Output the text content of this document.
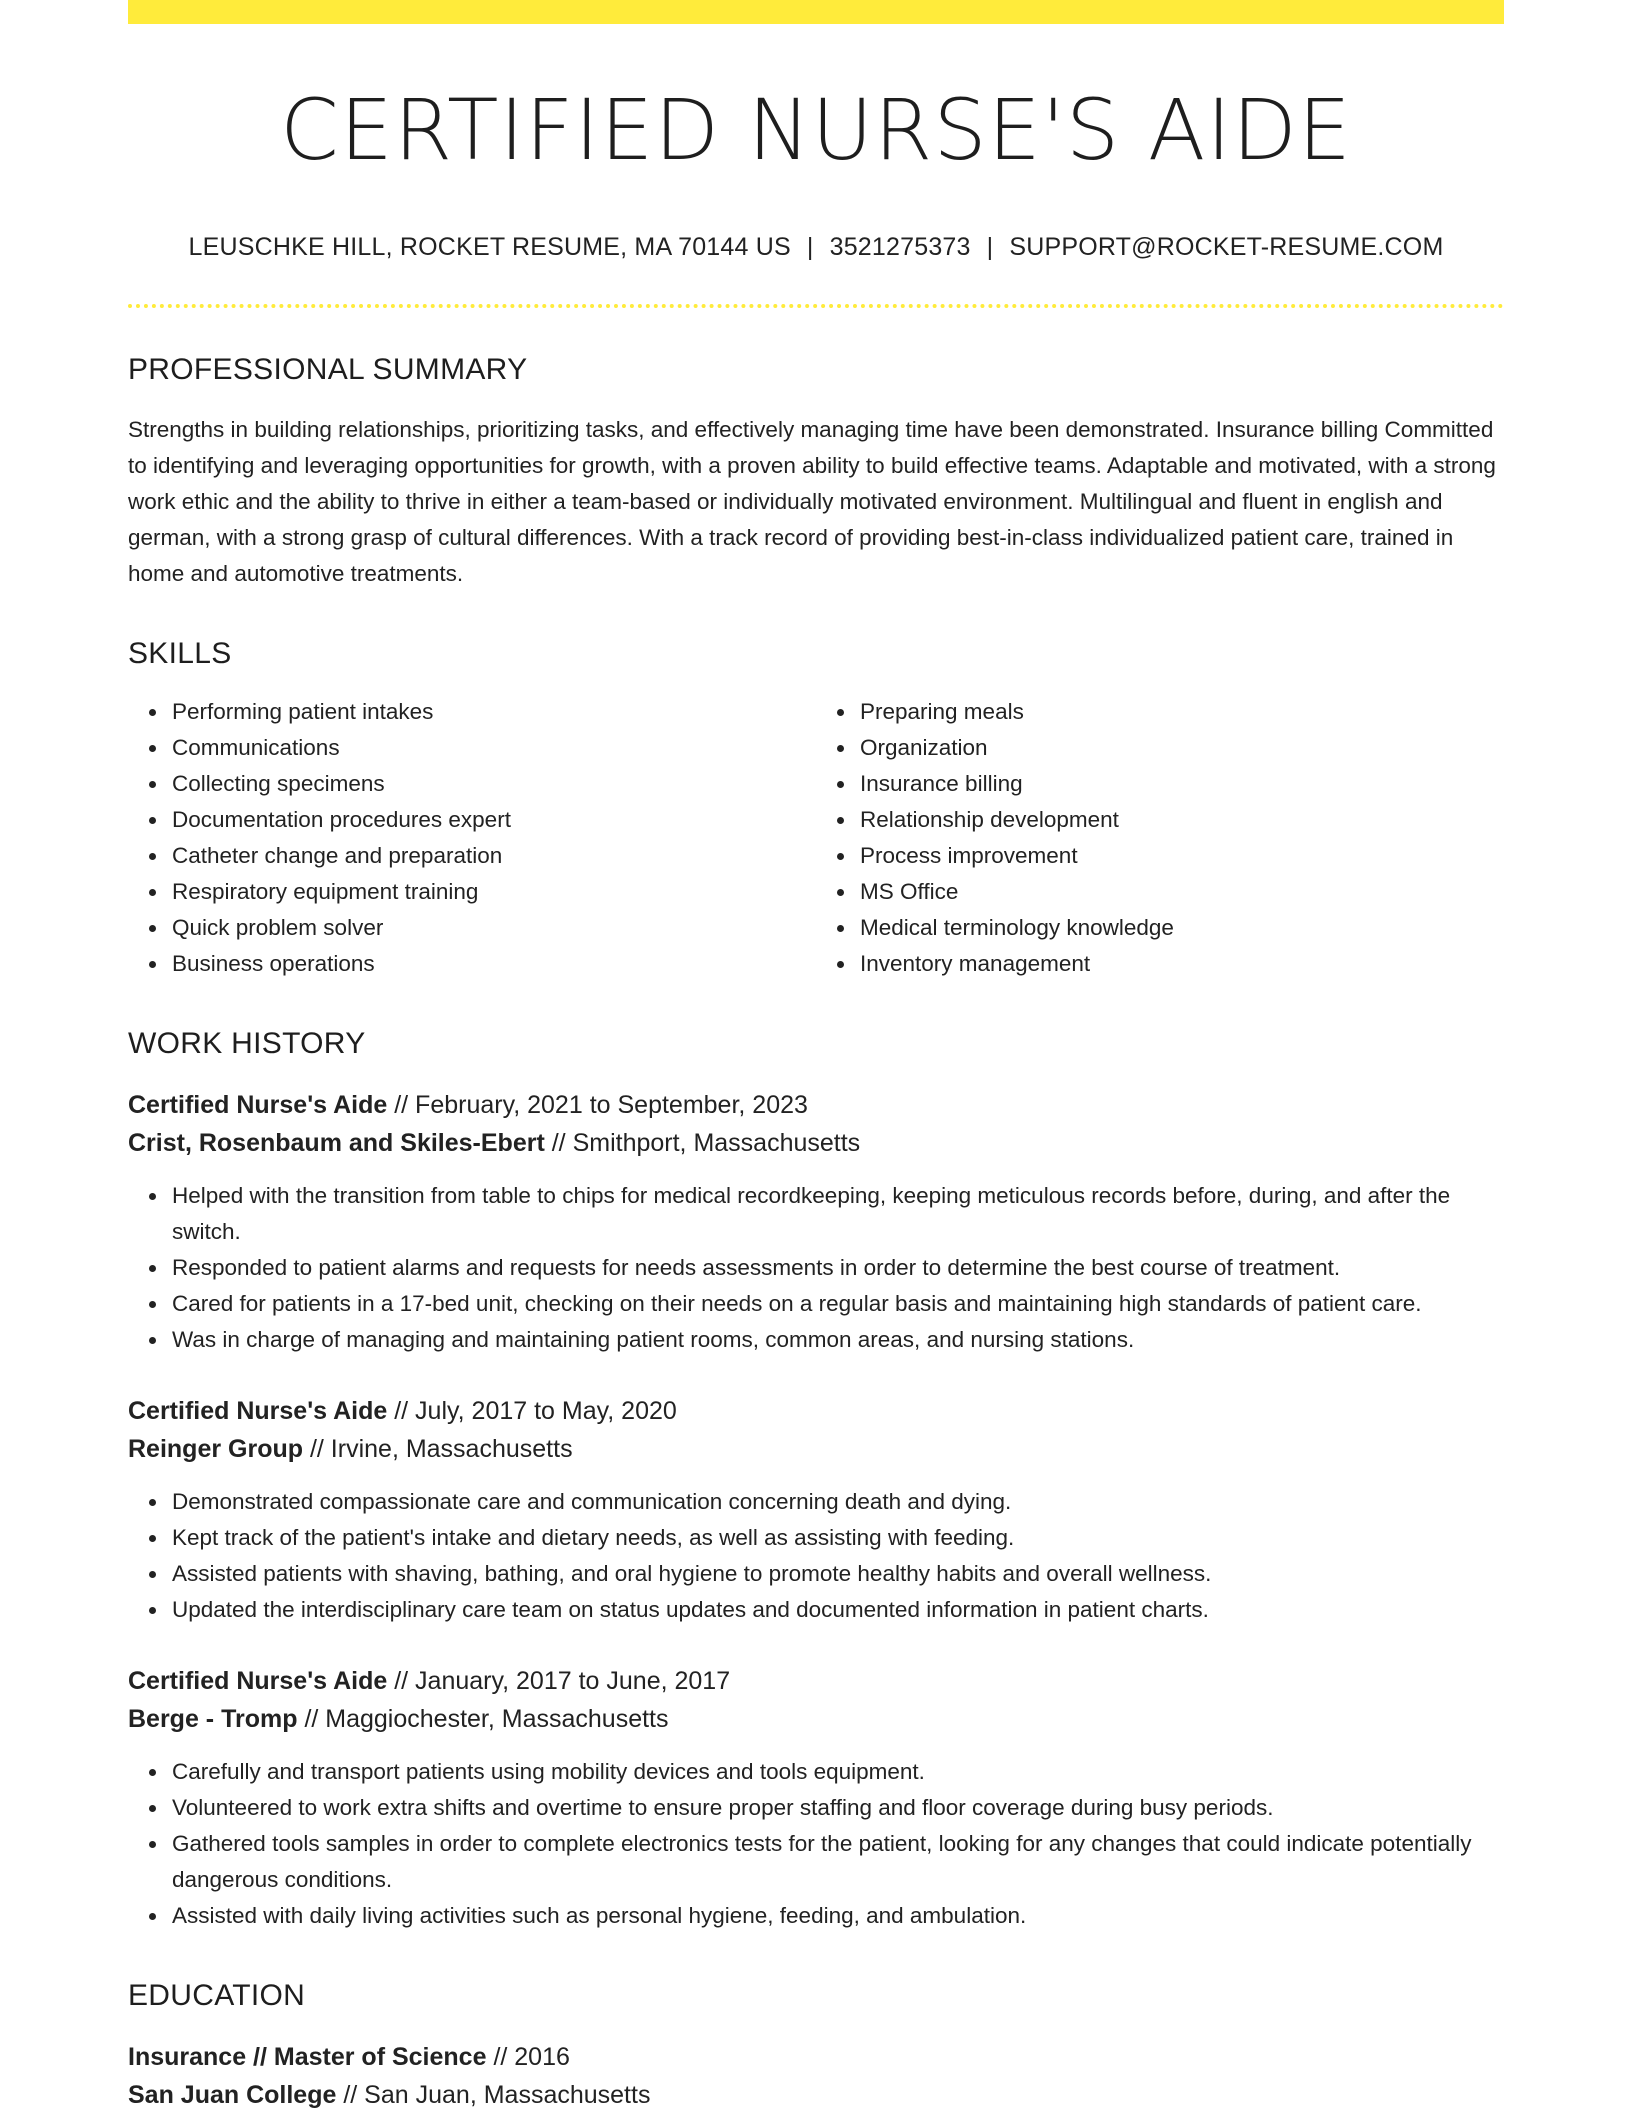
CERTIFIED NURSE'S AIDE
LEUSCHKE HILL, ROCKET RESUME, MA 70144 US | 3521275373 | SUPPORT@ROCKET-RESUME.COM
PROFESSIONAL SUMMARY

Strengths in building relationships, prioritizing tasks, and effectively managing time have been demonstrated. Insurance billing Committed to identifying and leveraging opportunities for growth, with a proven ability to build effective teams. Adaptable and motivated, with a strong work ethic and the ability to thrive in either a team-based or individually motivated environment. Multilingual and fluent in english and german, with a strong grasp of cultural differences. With a track record of providing best-in-class individualized patient care, trained in home and automotive treatments.

SKILLS
Performing patient intakes
Communications
Collecting specimens
Documentation procedures expert
Catheter change and preparation
Respiratory equipment training
Quick problem solver
Business operations
Preparing meals
Organization
Insurance billing
Relationship development
Process improvement
MS Office
Medical terminology knowledge
Inventory management
WORK HISTORY
Certified Nurse's Aide // February, 2021 to September, 2023
Crist, Rosenbaum and Skiles-Ebert // Smithport, Massachusetts
Helped with the transition from table to chips for medical recordkeeping, keeping meticulous records before, during, and after the switch.
Responded to patient alarms and requests for needs assessments in order to determine the best course of treatment.
Cared for patients in a 17-bed unit, checking on their needs on a regular basis and maintaining high standards of patient care.
Was in charge of managing and maintaining patient rooms, common areas, and nursing stations.
Certified Nurse's Aide // July, 2017 to May, 2020
Reinger Group // Irvine, Massachusetts
Demonstrated compassionate care and communication concerning death and dying.
Kept track of the patient's intake and dietary needs, as well as assisting with feeding.
Assisted patients with shaving, bathing, and oral hygiene to promote healthy habits and overall wellness.
Updated the interdisciplinary care team on status updates and documented information in patient charts.
Certified Nurse's Aide // January, 2017 to June, 2017
Berge - Tromp // Maggiochester, Massachusetts
Carefully and transport patients using mobility devices and tools equipment.
Volunteered to work extra shifts and overtime to ensure proper staffing and floor coverage during busy periods.
Gathered tools samples in order to complete electronics tests for the patient, looking for any changes that could indicate potentially dangerous conditions.
Assisted with daily living activities such as personal hygiene, feeding, and ambulation.
EDUCATION
Insurance // Master of Science // 2016
San Juan College // San Juan, Massachusetts
